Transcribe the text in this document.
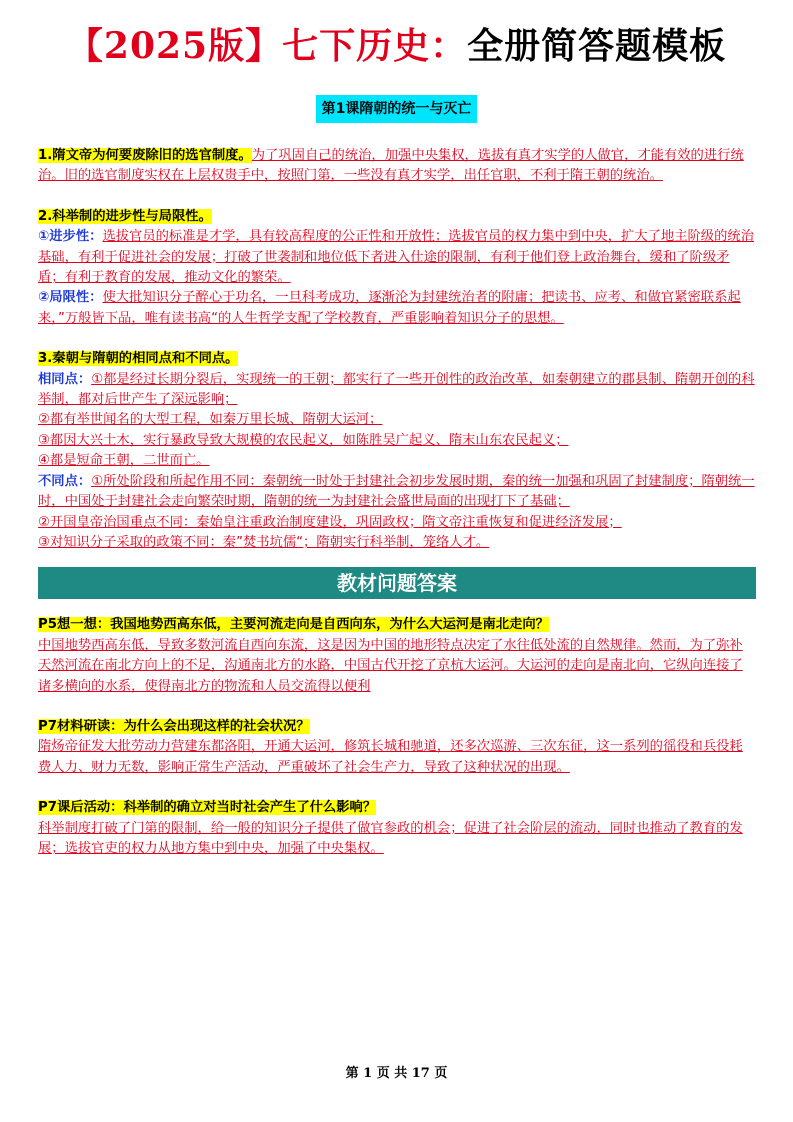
【2025版】七下历史：全册简答题模板
第1课隋朝的统一与灭亡

1.隋文帝为何要废除旧的选官制度。为了巩固自己的统治，加强中央集权，选拔有真才实学的人做官，才能有效的进行统治。旧的选官制度实权在上层权贵手中，按照门第，一些没有真才实学，出任官职，不利于隋王朝的统治。

2.科举制的进步性与局限性。

①进步性：选拔官员的标准是才学，具有较高程度的公正性和开放性；选拔官员的权力集中到中央，扩大了地主阶级的统治基础，有利于促进社会的发展；打破了世袭制和地位低下者进入仕途的限制，有利于他们登上政治舞台，缓和了阶级矛盾；有利于教育的发展，推动文化的繁荣。

②局限性：使大批知识分子醉心于功名，一旦科考成功，逐渐沦为封建统治者的附庸；把读书、应考、和做官紧密联系起来，”万般皆下品，唯有读书高“的人生哲学支配了学校教育，严重影响着知识分子的思想。

3.秦朝与隋朝的相同点和不同点。

相同点：①都是经过长期分裂后，实现统一的王朝；都实行了一些开创性的政治改革，如秦朝建立的郡县制、隋朝开创的科举制，都对后世产生了深远影响；

②都有举世闻名的大型工程，如秦万里长城、隋朝大运河；

③都因大兴土木，实行暴政导致大规模的农民起义，如陈胜吴广起义、隋末山东农民起义；

④都是短命王朝，二世而亡。

不同点：①所处阶段和所起作用不同：秦朝统一时处于封建社会初步发展时期，秦的统一加强和巩固了封建制度；隋朝统一时，中国处于封建社会走向繁荣时期，隋朝的统一为封建社会盛世局面的出现打下了基础；

②开国皇帝治国重点不同：秦始皇注重政治制度建设，巩固政权；隋文帝注重恢复和促进经济发展；

③对知识分子采取的政策不同：秦”焚书坑儒“；隋朝实行科举制，笼络人才。

教材问题答案

P5想一想：我国地势西高东低，主要河流走向是自西向东，为什么大运河是南北走向？

中国地势西高东低，导致多数河流自西向东流，这是因为中国的地形特点决定了水往低处流的自然规律。然而，为了弥补天然河流在南北方向上的不足，沟通南北方的水路，中国古代开挖了京杭大运河。大运河的走向是南北向，它纵向连接了诸多横向的水系，使得南北方的物流和人员交流得以便利

P7材料研读：为什么会出现这样的社会状况？

隋炀帝征发大批劳动力营建东都洛阳，开通大运河，修筑长城和驰道，还多次巡游、三次东征，这一系列的徭役和兵役耗费人力、财力无数，影响正常生产活动，严重破坏了社会生产力，导致了这种状况的出现。

P7课后活动：科举制的确立对当时社会产生了什么影响？

科举制度打破了门第的限制，给一般的知识分子提供了做官参政的机会；促进了社会阶层的流动，同时也推动了教育的发展；选拔官吏的权力从地方集中到中央，加强了中央集权。

第 1 页 共 17 页
